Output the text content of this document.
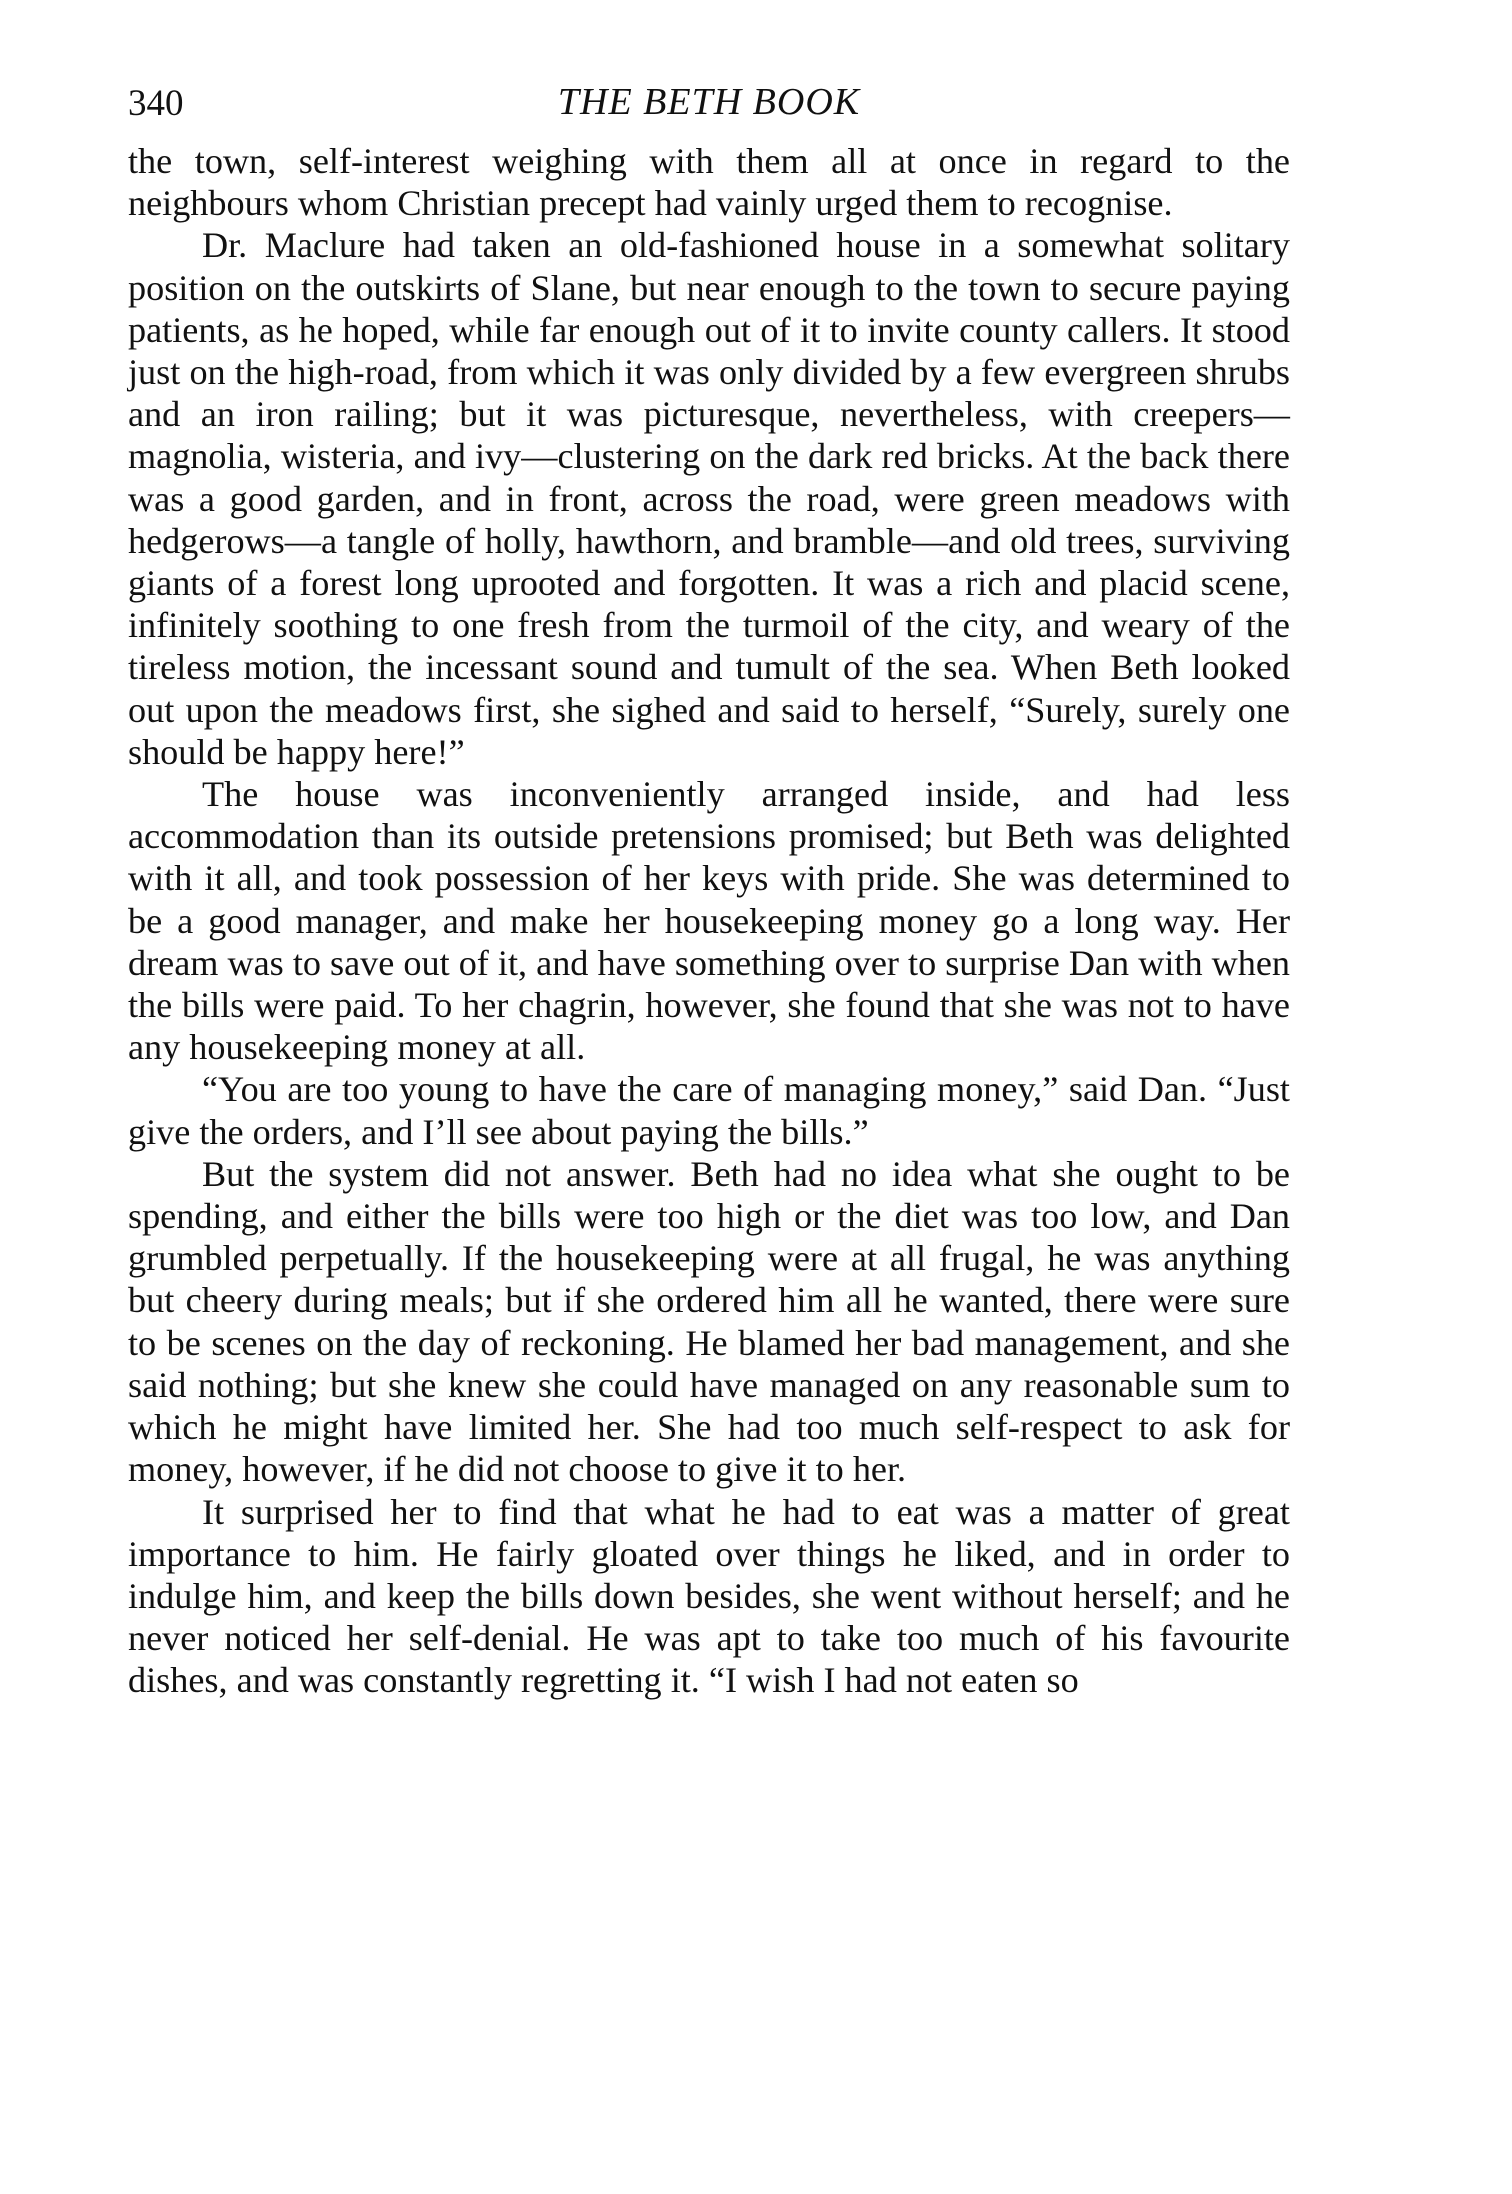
340	THE BETH BOOK

the town, self-interest weighing with them all at once in regard to the neighbours whom Christian precept had vainly urged them to recognise.

Dr. Maclure had taken an old-fashioned house in a somewhat solitary position on the outskirts of Slane, but near enough to the town to secure paying patients, as he hoped, while far enough out of it to invite county callers. It stood just on the high-road, from which it was only divided by a few evergreen shrubs and an iron railing; but it was picturesque, nevertheless, with creepers—magnolia, wisteria, and ivy—clustering on the dark red bricks. At the back there was a good garden, and in front, across the road, were green meadows with hedgerows—a tangle of holly, hawthorn, and bramble—and old trees, surviving giants of a forest long uprooted and forgotten. It was a rich and placid scene, infinitely soothing to one fresh from the turmoil of the city, and weary of the tireless motion, the incessant sound and tumult of the sea. When Beth looked out upon the meadows first, she sighed and said to herself, “Surely, surely one should be happy here!”

The house was inconveniently arranged inside, and had less accommodation than its outside pretensions promised; but Beth was delighted with it all, and took possession of her keys with pride. She was determined to be a good manager, and make her housekeeping money go a long way. Her dream was to save out of it, and have something over to surprise Dan with when the bills were paid. To her chagrin, however, she found that she was not to have any housekeeping money at all.

“You are too young to have the care of managing money,” said Dan. “Just give the orders, and I’ll see about paying the bills.”

But the system did not answer. Beth had no idea what she ought to be spending, and either the bills were too high or the diet was too low, and Dan grumbled perpetually. If the housekeeping were at all frugal, he was anything but cheery during meals; but if she ordered him all he wanted, there were sure to be scenes on the day of reckoning. He blamed her bad management, and she said nothing; but she knew she could have managed on any reasonable sum to which he might have limited her. She had too much self-respect to ask for money, however, if he did not choose to give it to her.

It surprised her to find that what he had to eat was a matter of great importance to him. He fairly gloated over things he liked, and in order to indulge him, and keep the bills down besides, she went without herself; and he never noticed her self-denial. He was apt to take too much of his favourite dishes, and was constantly regretting it. “I wish I had not eaten so
